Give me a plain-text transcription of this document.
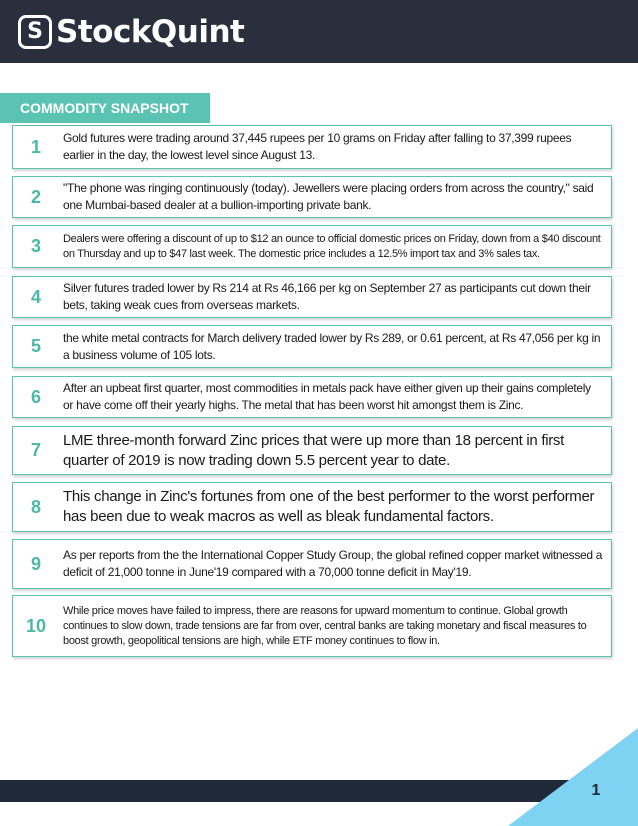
S StockQuint
COMMODITY SNAPSHOT
1	Gold futures were trading around 37,445 rupees per 10 grams on Friday after falling to 37,399 rupees earlier in the day, the lowest level since August 13.
2	"The phone was ringing continuously (today). Jewellers were placing orders from across the country," said one Mumbai-based dealer at a bullion-importing private bank.
3	Dealers were offering a discount of up to $12 an ounce to official domestic prices on Friday, down from a $40 discount on Thursday and up to $47 last week. The domestic price includes a 12.5% import tax and 3% sales tax.
4	Silver futures traded lower by Rs 214 at Rs 46,166 per kg on September 27 as participants cut down their bets, taking weak cues from overseas markets.
5	the white metal contracts for March delivery traded lower by Rs 289, or 0.61 percent, at Rs 47,056 per kg in a business volume of 105 lots.
6	After an upbeat first quarter, most commodities in metals pack have either given up their gains completely or have come off their yearly highs. The metal that has been worst hit amongst them is Zinc.
7	LME three-month forward Zinc prices that were up more than 18 percent in first quarter of 2019 is now trading down 5.5 percent year to date.
8	This change in Zinc's fortunes from one of the best performer to the worst performer has been due to weak macros as well as bleak fundamental factors.
9	As per reports from the the International Copper Study Group, the global refined copper market witnessed a deficit of 21,000 tonne in June'19 compared with a 70,000 tonne deficit in May'19.
10
While price moves have failed to impress, there are reasons for upward momentum to continue. Global growth continues to slow down, trade tensions are far from over, central banks are taking monetary and fiscal measures to boost growth, geopolitical tensions are high, while ETF money continues to flow in.
1
